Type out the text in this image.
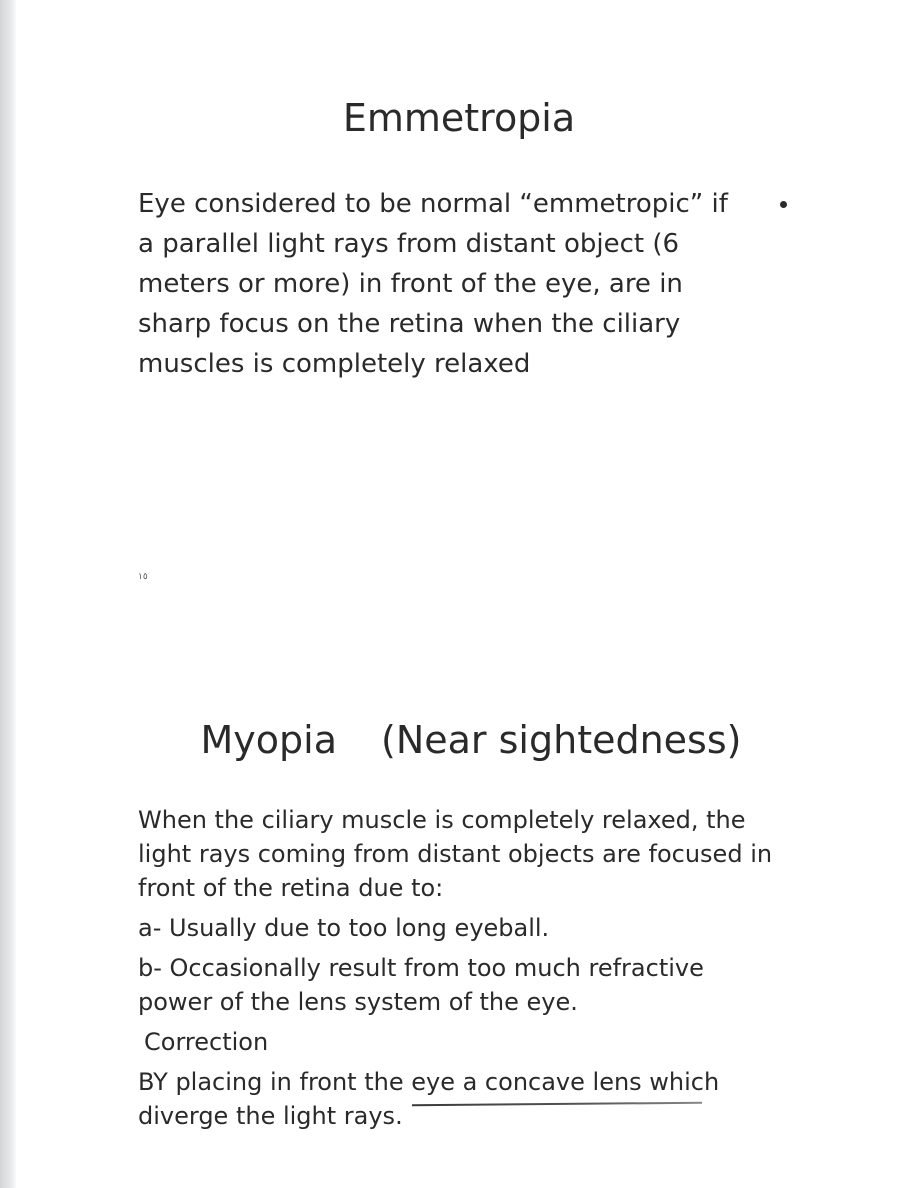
Emmetropia
Eye considered to be normal “emmetropic” if
a parallel light rays from distant object (6
meters or more) in front of the eye, are in
sharp focus on the retina when the ciliary
muscles is completely relaxed
١٥
Myopia (Near sightedness)
When the ciliary muscle is completely relaxed, the
light rays coming from distant objects are focused in
front of the retina due to:
a- Usually due to too long eyeball.
b- Occasionally result from too much refractive
power of the lens system of the eye.
Correction
BY placing in front the eye a concave lens which
diverge the light rays.
